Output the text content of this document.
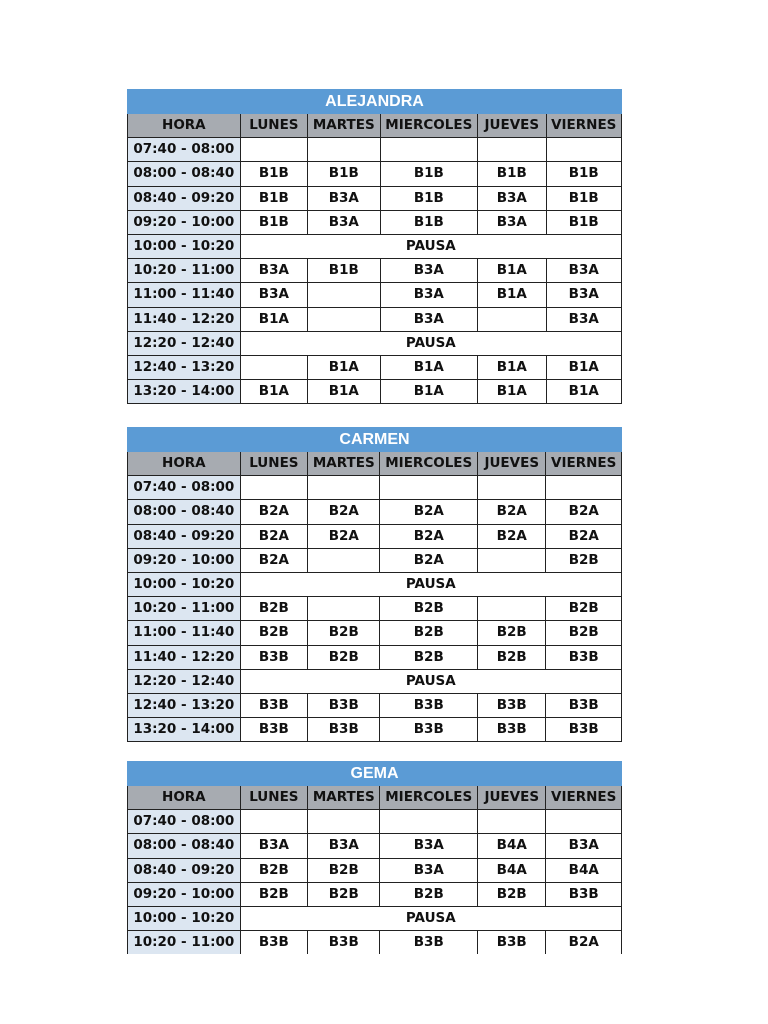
ALEJANDRA					
HORA	LUNES	MARTES	MIERCOLES	JUEVES	VIERNES
07:40 - 08:00					
08:00 - 08:40	B1B	B1B	B1B	B1B	B1B
08:40 - 09:20	B1B	B3A	B1B	B3A	B1B
09:20 - 10:00	B1B	B3A	B1B	B3A	B1B
10:00 - 10:20	PAUSA				
10:20 - 11:00	B3A	B1B	B3A	B1A	B3A
11:00 - 11:40	B3A		B3A	B1A	B3A
11:40 - 12:20	B1A		B3A		B3A
12:20 - 12:40	PAUSA				
12:40 - 13:20		B1A	B1A	B1A	B1A
13:20 - 14:00	B1A	B1A	B1A	B1A	B1A
CARMEN					
HORA	LUNES	MARTES	MIERCOLES	JUEVES	VIERNES
07:40 - 08:00					
08:00 - 08:40	B2A	B2A	B2A	B2A	B2A
08:40 - 09:20	B2A	B2A	B2A	B2A	B2A
09:20 - 10:00	B2A		B2A		B2B
10:00 - 10:20	PAUSA				
10:20 - 11:00	B2B		B2B		B2B
11:00 - 11:40	B2B	B2B	B2B	B2B	B2B
11:40 - 12:20	B3B	B2B	B2B	B2B	B3B
12:20 - 12:40	PAUSA				
12:40 - 13:20	B3B	B3B	B3B	B3B	B3B
13:20 - 14:00	B3B	B3B	B3B	B3B	B3B
GEMA					
HORA	LUNES	MARTES	MIERCOLES	JUEVES	VIERNES
07:40 - 08:00					
08:00 - 08:40	B3A	B3A	B3A	B4A	B3A
08:40 - 09:20	B2B	B2B	B3A	B4A	B4A
09:20 - 10:00	B2B	B2B	B2B	B2B	B3B
10:00 - 10:20	PAUSA				
10:20 - 11:00	B3B	B3B	B3B	B3B	B2A
